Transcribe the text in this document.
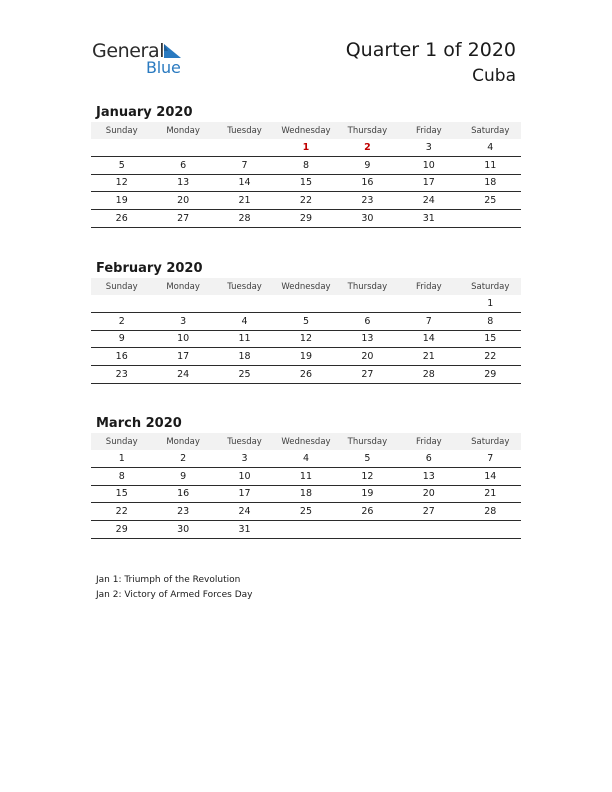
General
Blue
Quarter 1 of 2020
Cuba
January 2020
Sunday	Monday	Tuesday	Wednesday	Thursday	Friday	Saturday
			1	2	3	4
5	6	7	8	9	10	11
12	13	14	15	16	17	18
19	20	21	22	23	24	25
26	27	28	29	30	31	
February 2020
Sunday	Monday	Tuesday	Wednesday	Thursday	Friday	Saturday
						1
2	3	4	5	6	7	8
9	10	11	12	13	14	15
16	17	18	19	20	21	22
23	24	25	26	27	28	29
March 2020
Sunday	Monday	Tuesday	Wednesday	Thursday	Friday	Saturday
1	2	3	4	5	6	7
8	9	10	11	12	13	14
15	16	17	18	19	20	21
22	23	24	25	26	27	28
29	30	31				
Jan 1: Triumph of the Revolution
Jan 2: Victory of Armed Forces Day
